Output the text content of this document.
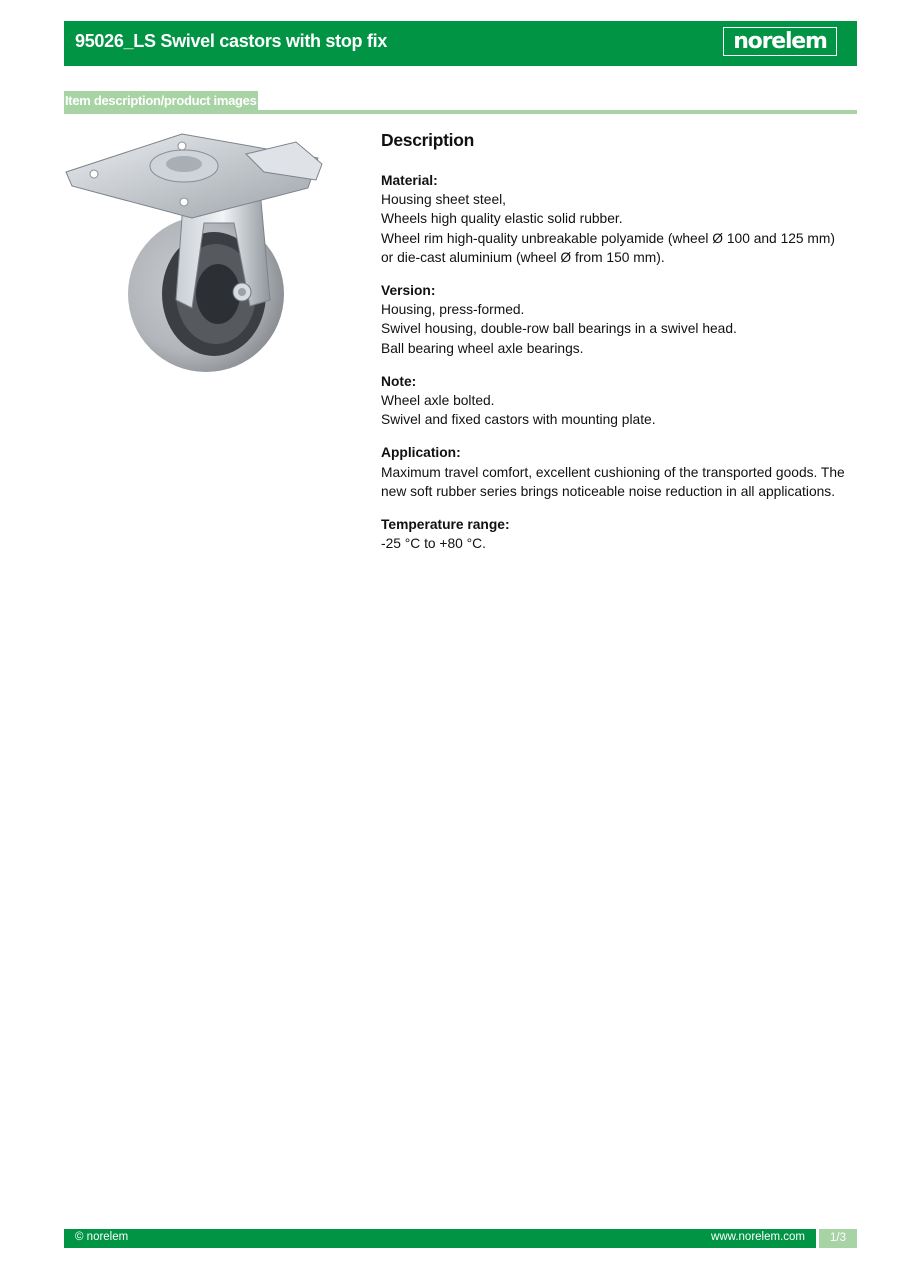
95026_LS Swivel castors with stop fix	norelem
Item description/product images
Description
Material:

Housing sheet steel,

Wheels high quality elastic solid rubber.

Wheel rim high-quality unbreakable polyamide (wheel Ø 100 and 125 mm) or die-cast aluminium (wheel Ø from 150 mm).

Version:

Housing, press-formed.

Swivel housing, double-row ball bearings in a swivel head.

Ball bearing wheel axle bearings.

Note:

Wheel axle bolted.

Swivel and fixed castors with mounting plate.

Application:

Maximum travel comfort, excellent cushioning of the transported goods. The new soft rubber series brings noticeable noise reduction in all applications.

Temperature range:

-25 °C to +80 °C.

© norelem	www.norelem.com	1/3
